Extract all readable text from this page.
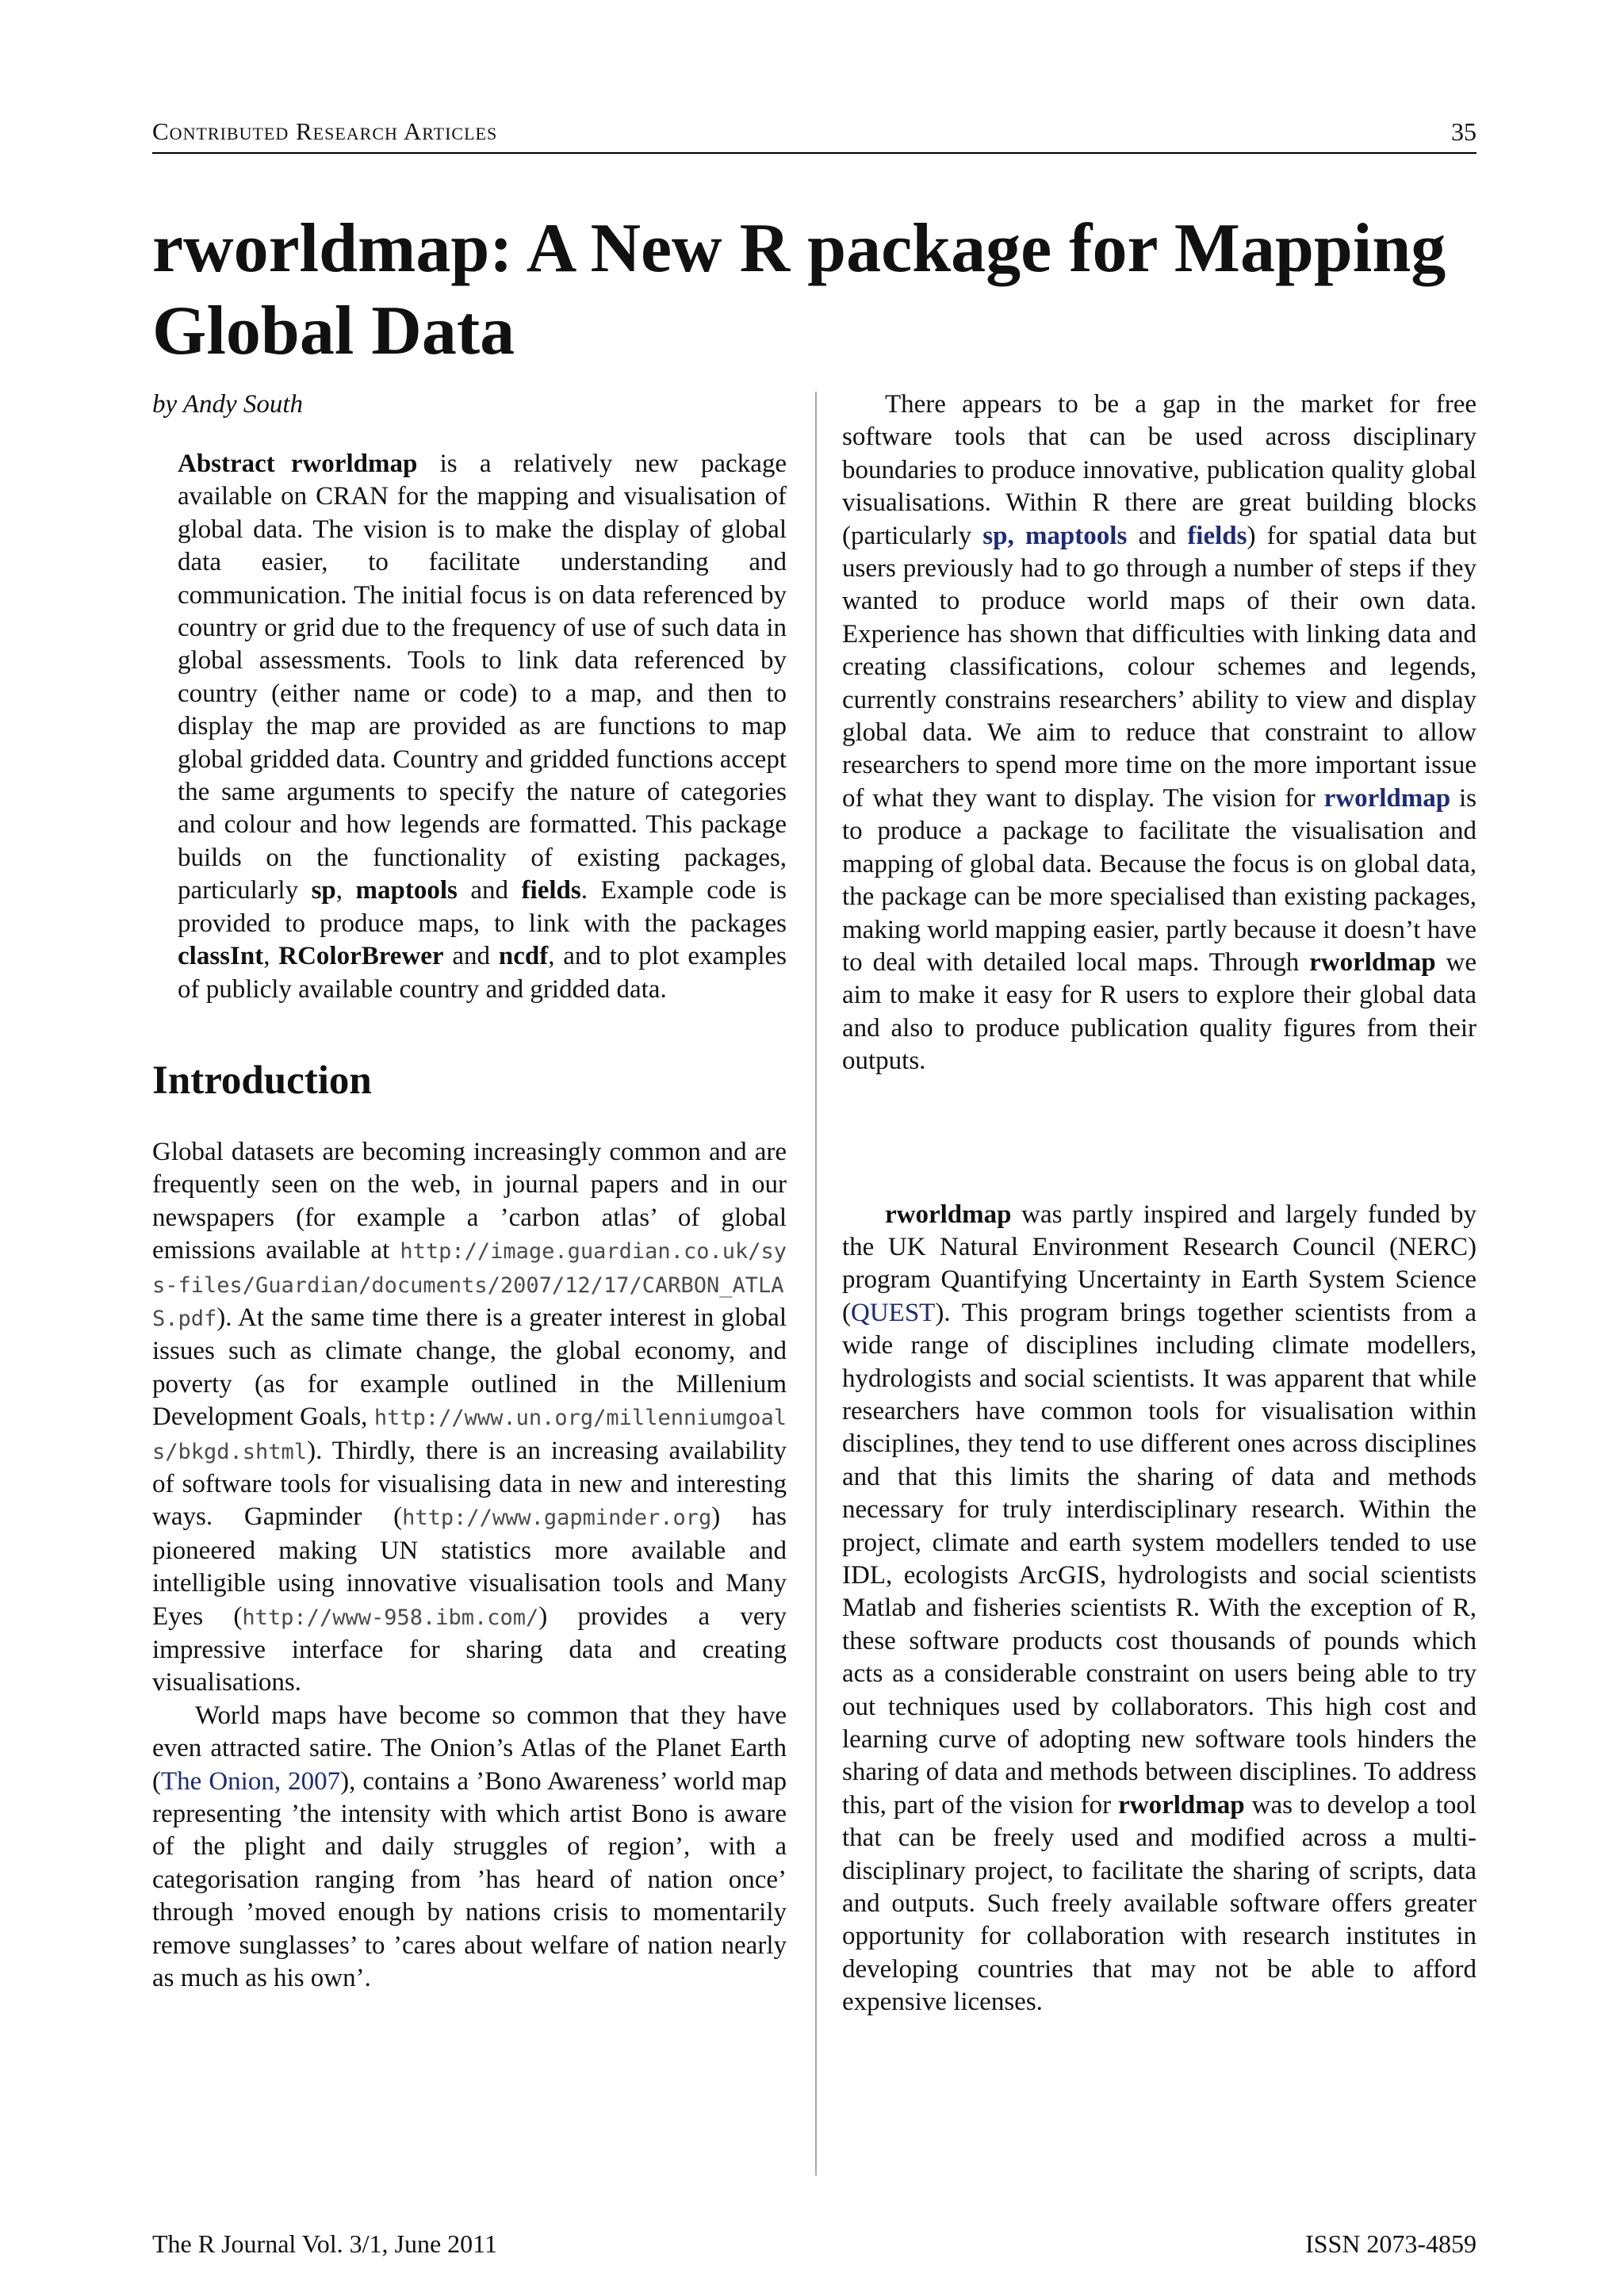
Contributed Research Articles	35
rworldmap: A New R package for Mapping Global Data
by Andy South

Abstract rworldmap is a relatively new package available on CRAN for the mapping and visualisation of global data. The vision is to make the display of global data easier, to facilitate understanding and communication. The initial focus is on data referenced by country or grid due to the frequency of use of such data in global assessments. Tools to link data referenced by country (either name or code) to a map, and then to display the map are provided as are functions to map global gridded data. Country and gridded functions accept the same arguments to specify the nature of categories and colour and how legends are formatted. This package builds on the functionality of existing packages, particularly sp, maptools and fields. Example code is provided to produce maps, to link with the packages classInt, RColorBrewer and ncdf, and to plot examples of publicly available country and gridded data.

Introduction

Global datasets are becoming increasingly common and are frequently seen on the web, in journal papers and in our newspapers (for example a ’carbon atlas’ of global emissions available at http://image.guardian.co.uk/sys-files/Guardian/documents/2007/12/17/CARBON_ATLAS.pdf). At the same time there is a greater interest in global issues such as climate change, the global economy, and poverty (as for example outlined in the Millenium Development Goals, http://www.un.org/millenniumgoals/bkgd.shtml). Thirdly, there is an increasing availability of software tools for visualising data in new and interesting ways. Gapminder (http://www.gapminder.org) has pioneered making UN statistics more available and intelligible using innovative visualisation tools and Many Eyes (http://www-958.ibm.com/) provides a very impressive interface for sharing data and creating visualisations.

World maps have become so common that they have even attracted satire. The Onion’s Atlas of the Planet Earth (The Onion, 2007), contains a ’Bono Awareness’ world map representing ’the intensity with which artist Bono is aware of the plight and daily struggles of region’, with a categorisation ranging from ’has heard of nation once’ through ’moved enough by nations crisis to momentarily remove sunglasses’ to ’cares about welfare of nation nearly as much as his own’.

There appears to be a gap in the market for free software tools that can be used across disciplinary boundaries to produce innovative, publication quality global visualisations. Within R there are great building blocks (particularly sp, maptools and fields) for spatial data but users previously had to go through a number of steps if they wanted to produce world maps of their own data. Experience has shown that difficulties with linking data and creating classifications, colour schemes and legends, currently constrains researchers’ ability to view and display global data. We aim to reduce that constraint to allow researchers to spend more time on the more important issue of what they want to display. The vision for rworldmap is to produce a package to facilitate the visualisation and mapping of global data. Because the focus is on global data, the package can be more specialised than existing packages, making world mapping easier, partly because it doesn’t have to deal with detailed local maps. Through rworldmap we aim to make it easy for R users to explore their global data and also to produce publication quality figures from their outputs.

rworldmap was partly inspired and largely funded by the UK Natural Environment Research Council (NERC) program Quantifying Uncertainty in Earth System Science (QUEST). This program brings together scientists from a wide range of disciplines including climate modellers, hydrologists and social scientists. It was apparent that while researchers have common tools for visualisation within disciplines, they tend to use different ones across disciplines and that this limits the sharing of data and methods necessary for truly interdisciplinary research. Within the project, climate and earth system modellers tended to use IDL, ecologists ArcGIS, hydrologists and social scientists Matlab and fisheries scientists R. With the exception of R, these software products cost thousands of pounds which acts as a considerable constraint on users being able to try out techniques used by collaborators. This high cost and learning curve of adopting new software tools hinders the sharing of data and methods between disciplines. To address this, part of the vision for rworldmap was to develop a tool that can be freely used and modified across a multi-disciplinary project, to facilitate the sharing of scripts, data and outputs. Such freely available software offers greater opportunity for collaboration with research institutes in developing countries that may not be able to afford expensive licenses.

The R Journal Vol. 3/1, June 2011	ISSN 2073-4859
